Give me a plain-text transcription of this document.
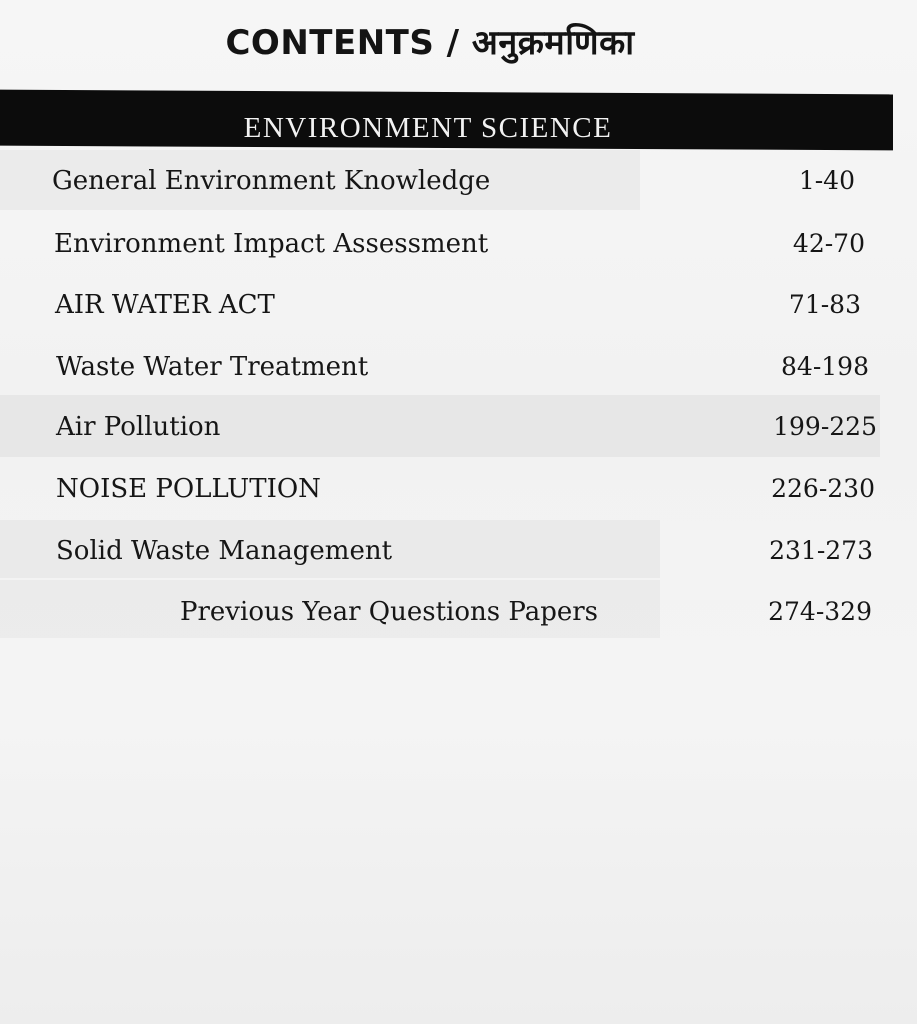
CONTENTS / अनुक्रमणिका
ENVIRONMENT SCIENCE
General Environment Knowledge	1-40
Environment Impact Assessment	42-70
AIR WATER ACT	71-83
Waste Water Treatment	84-198
Air Pollution	199-225
NOISE POLLUTION	226-230
Solid Waste Management	231-273
Previous Year Questions Papers	274-329
